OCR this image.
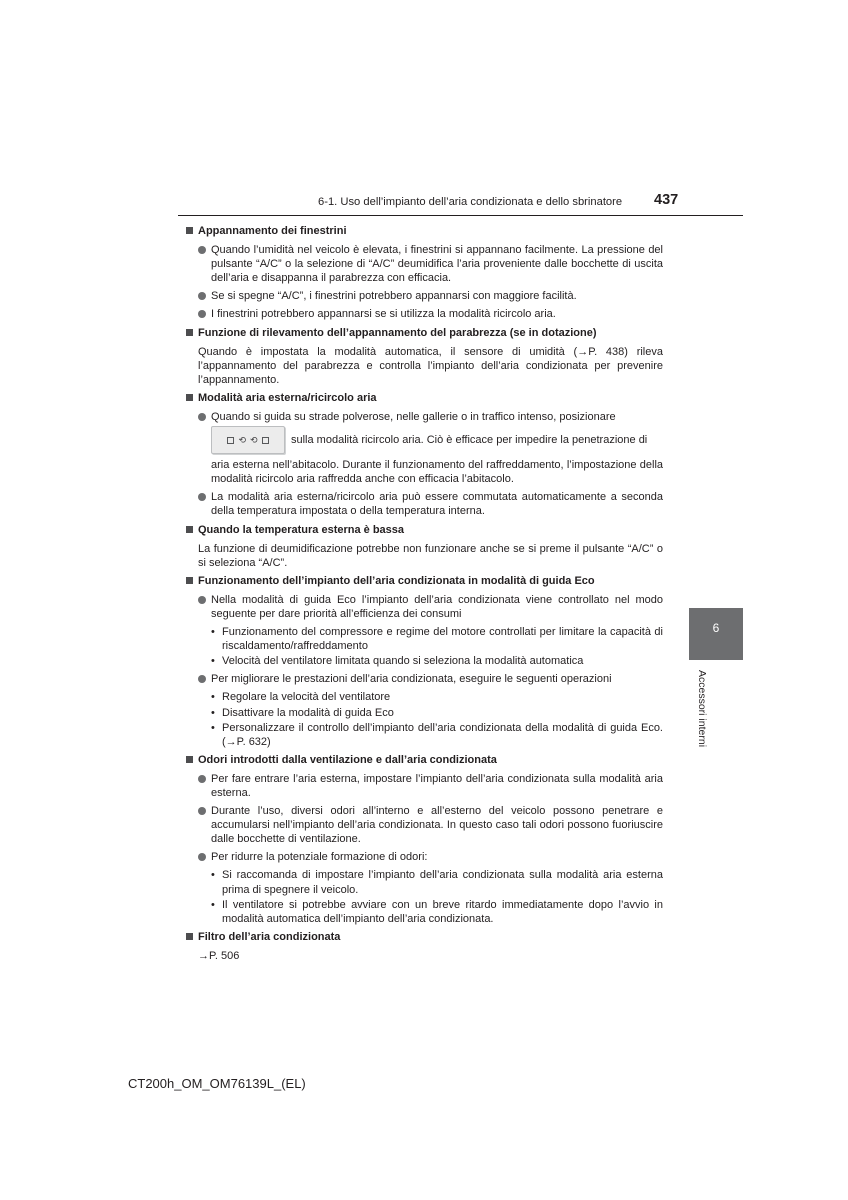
6-1. Uso dell’impianto dell’aria condizionata e dello sbrinatore 437
6
Accessori interni
Appannamento dei finestrini
Quando l’umidità nel veicolo è elevata, i finestrini si appannano facilmente. La pressione del pulsante “A/C” o la selezione di “A/C” deumidifica l’aria proveniente dalle bocchette di uscita dell’aria e disappanna il parabrezza con efficacia.
Se si spegne “A/C”, i finestrini potrebbero appannarsi con maggiore facilità.
I finestrini potrebbero appannarsi se si utilizza la modalità ricircolo aria.
Funzione di rilevamento dell’appannamento del parabrezza (se in dotazione)
Quando è impostata la modalità automatica, il sensore di umidità (→P. 438) rileva l’appannamento del parabrezza e controlla l’impianto dell’aria condizionata per prevenire l’appannamento.
Modalità aria esterna/ricircolo aria
Quando si guida su strade polverose, nelle gallerie o in traffico intenso, posizionare
⟲ ⟲	sulla modalità ricircolo aria. Ciò è efficace per impedire la penetrazione di
aria esterna nell’abitacolo. Durante il funzionamento del raffreddamento, l’impostazione della modalità ricircolo aria raffredda anche con efficacia l’abitacolo.
La modalità aria esterna/ricircolo aria può essere commutata automaticamente a seconda della temperatura impostata o della temperatura interna.
Quando la temperatura esterna è bassa
La funzione di deumidificazione potrebbe non funzionare anche se si preme il pulsante “A/C” o si seleziona “A/C”.
Funzionamento dell’impianto dell’aria condizionata in modalità di guida Eco
Nella modalità di guida Eco l’impianto dell’aria condizionata viene controllato nel modo seguente per dare priorità all’efficienza dei consumi
• Funzionamento del compressore e regime del motore controllati per limitare la capacità di riscaldamento/raffreddamento
• Velocità del ventilatore limitata quando si seleziona la modalità automatica
Per migliorare le prestazioni dell’aria condizionata, eseguire le seguenti operazioni
• Regolare la velocità del ventilatore
• Disattivare la modalità di guida Eco
• Personalizzare il controllo dell’impianto dell’aria condizionata della modalità di guida Eco. (→P. 632)
Odori introdotti dalla ventilazione e dall’aria condizionata
Per fare entrare l’aria esterna, impostare l’impianto dell’aria condizionata sulla modalità aria esterna.
Durante l’uso, diversi odori all’interno e all’esterno del veicolo possono penetrare e accumularsi nell’impianto dell’aria condizionata. In questo caso tali odori possono fuoriuscire dalle bocchette di ventilazione.
Per ridurre la potenziale formazione di odori:
• Si raccomanda di impostare l’impianto dell’aria condizionata sulla modalità aria esterna prima di spegnere il veicolo.
• Il ventilatore si potrebbe avviare con un breve ritardo immediatamente dopo l’avvio in modalità automatica dell’impianto dell’aria condizionata.
Filtro dell’aria condizionata
→P. 506
CT200h_OM_OM76139L_(EL)
